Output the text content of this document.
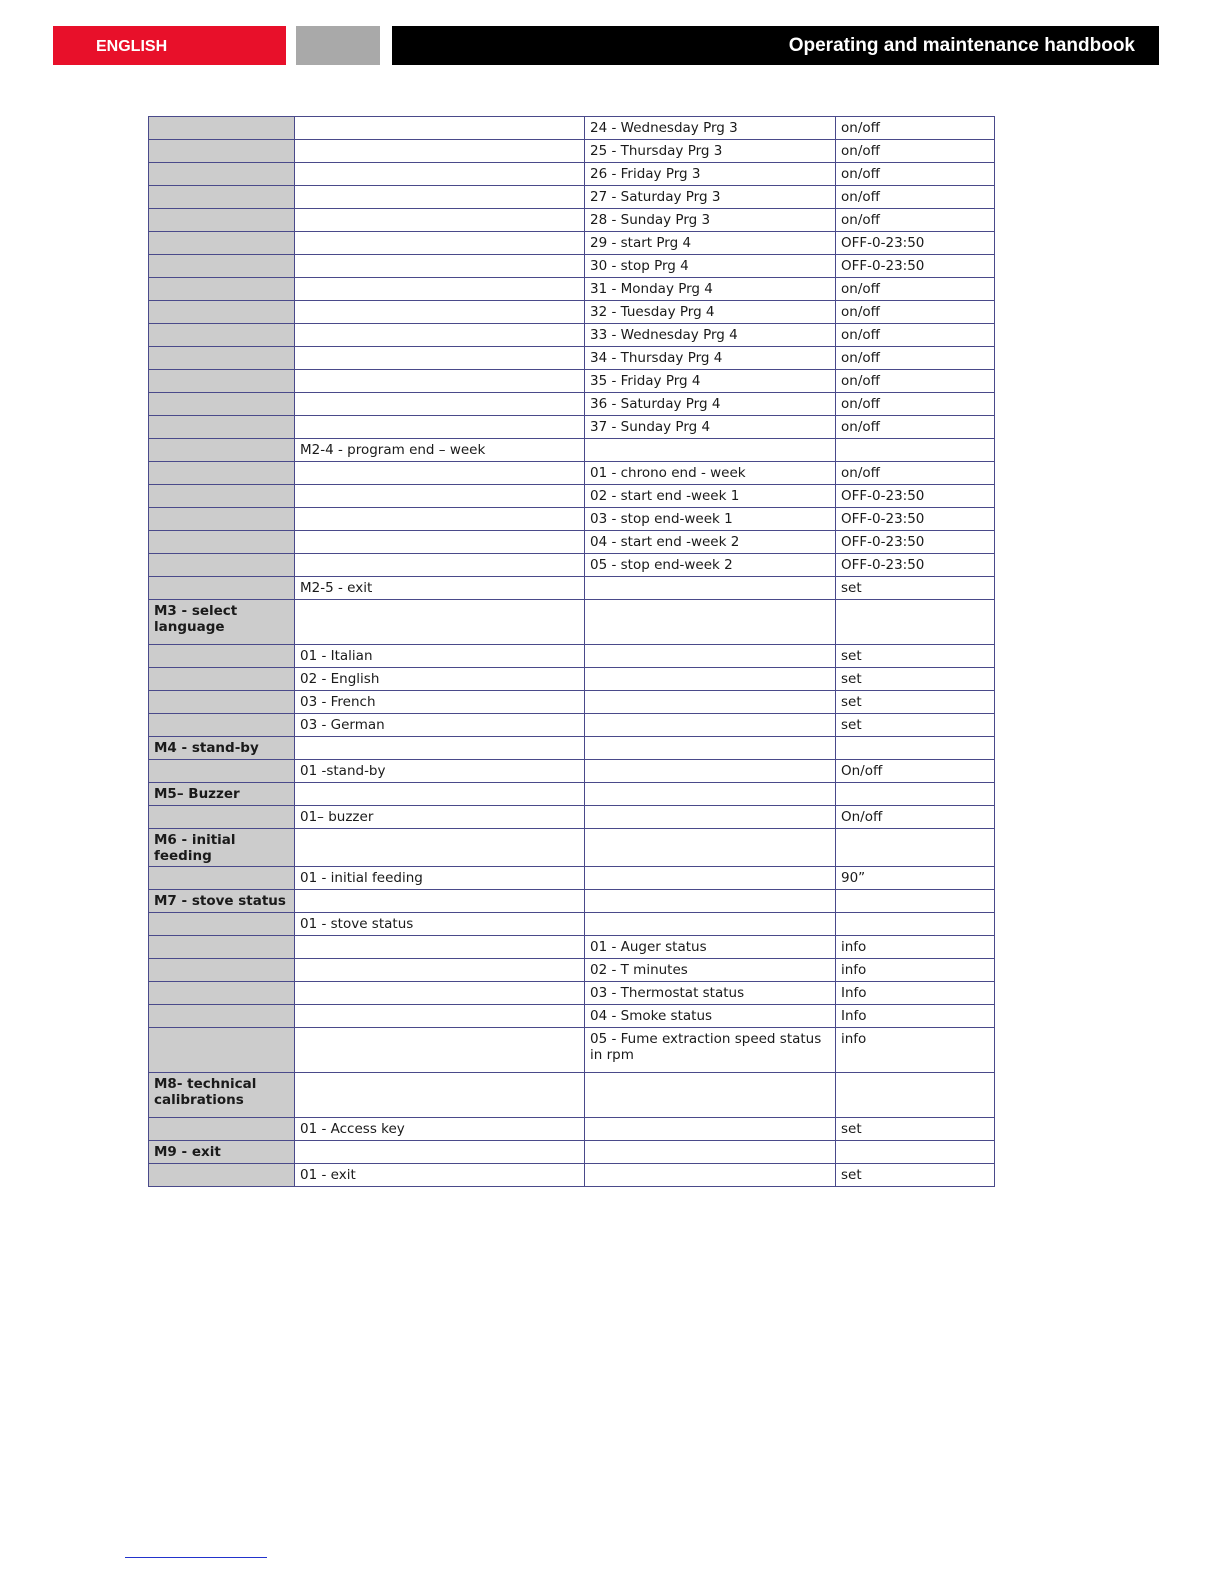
ENGLISH	Operating and maintenance handbook
		24 - Wednesday Prg 3	on/off
		25 - Thursday Prg 3	on/off
		26 - Friday Prg 3	on/off
		27 - Saturday Prg 3	on/off
		28 - Sunday Prg 3	on/off
		29 - start Prg 4	OFF-0-23:50
		30 - stop Prg 4	OFF-0-23:50
		31 - Monday Prg 4	on/off
		32 - Tuesday Prg 4	on/off
		33 - Wednesday Prg 4	on/off
		34 - Thursday Prg 4	on/off
		35 - Friday Prg 4	on/off
		36 - Saturday Prg 4	on/off
		37 - Sunday Prg 4	on/off
	M2-4 - program end – week		
		01 - chrono end - week	on/off
		02 - start end -week 1	OFF-0-23:50
		03 - stop end-week 1	OFF-0-23:50
		04 - start end -week 2	OFF-0-23:50
		05 - stop end-week 2	OFF-0-23:50
	M2-5 - exit		set
M3 - select language			
	01 - Italian		set
	02 - English		set
	03 - French		set
	03 - German		set
M4 - stand-by			
	01 -stand-by		On/off
M5– Buzzer			
	01– buzzer		On/off
M6 - initial feeding			
	01 - initial feeding		90”
M7 - stove status			
	01 - stove status		
		01 - Auger status	info
		02 - T minutes	info
		03 - Thermostat status	Info
		04 - Smoke status	Info
		05 - Fume extraction speed status in rpm	info
M8- technical calibrations			
	01 - Access key		set
M9 - exit			
	01 - exit		set
